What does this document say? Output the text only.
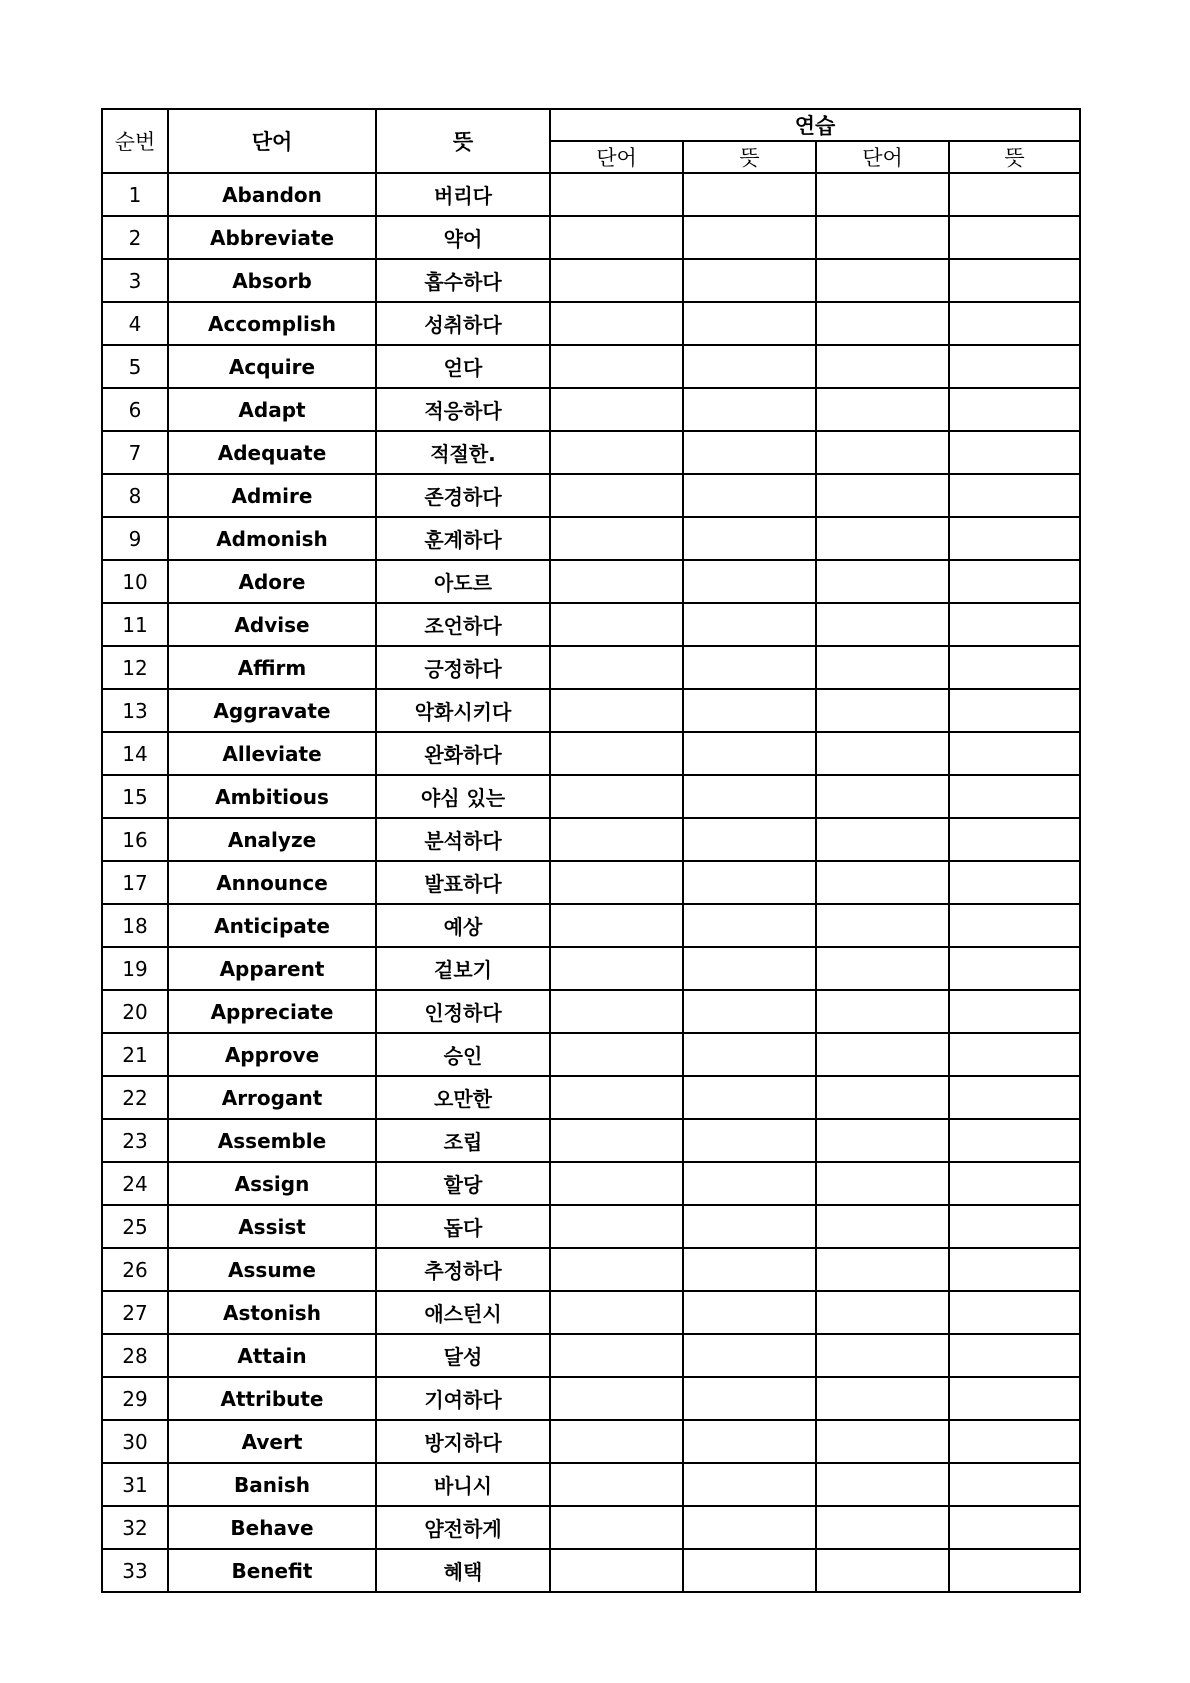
순번	단어	뜻	연습			
			단어	뜻	단어	뜻
1	Abandon	버리다				
2	Abbreviate	약어				
3	Absorb	흡수하다				
4	Accomplish	성취하다				
5	Acquire	얻다				
6	Adapt	적응하다				
7	Adequate	적절한.				
8	Admire	존경하다				
9	Admonish	훈계하다				
10	Adore	아도르				
11	Advise	조언하다				
12	Affirm	긍정하다				
13	Aggravate	악화시키다				
14	Alleviate	완화하다				
15	Ambitious	야심 있는				
16	Analyze	분석하다				
17	Announce	발표하다				
18	Anticipate	예상				
19	Apparent	겉보기				
20	Appreciate	인정하다				
21	Approve	승인				
22	Arrogant	오만한				
23	Assemble	조립				
24	Assign	할당				
25	Assist	돕다				
26	Assume	추정하다				
27	Astonish	애스턴시				
28	Attain	달성				
29	Attribute	기여하다				
30	Avert	방지하다				
31	Banish	바니시				
32	Behave	얌전하게				
33	Benefit	혜택				
